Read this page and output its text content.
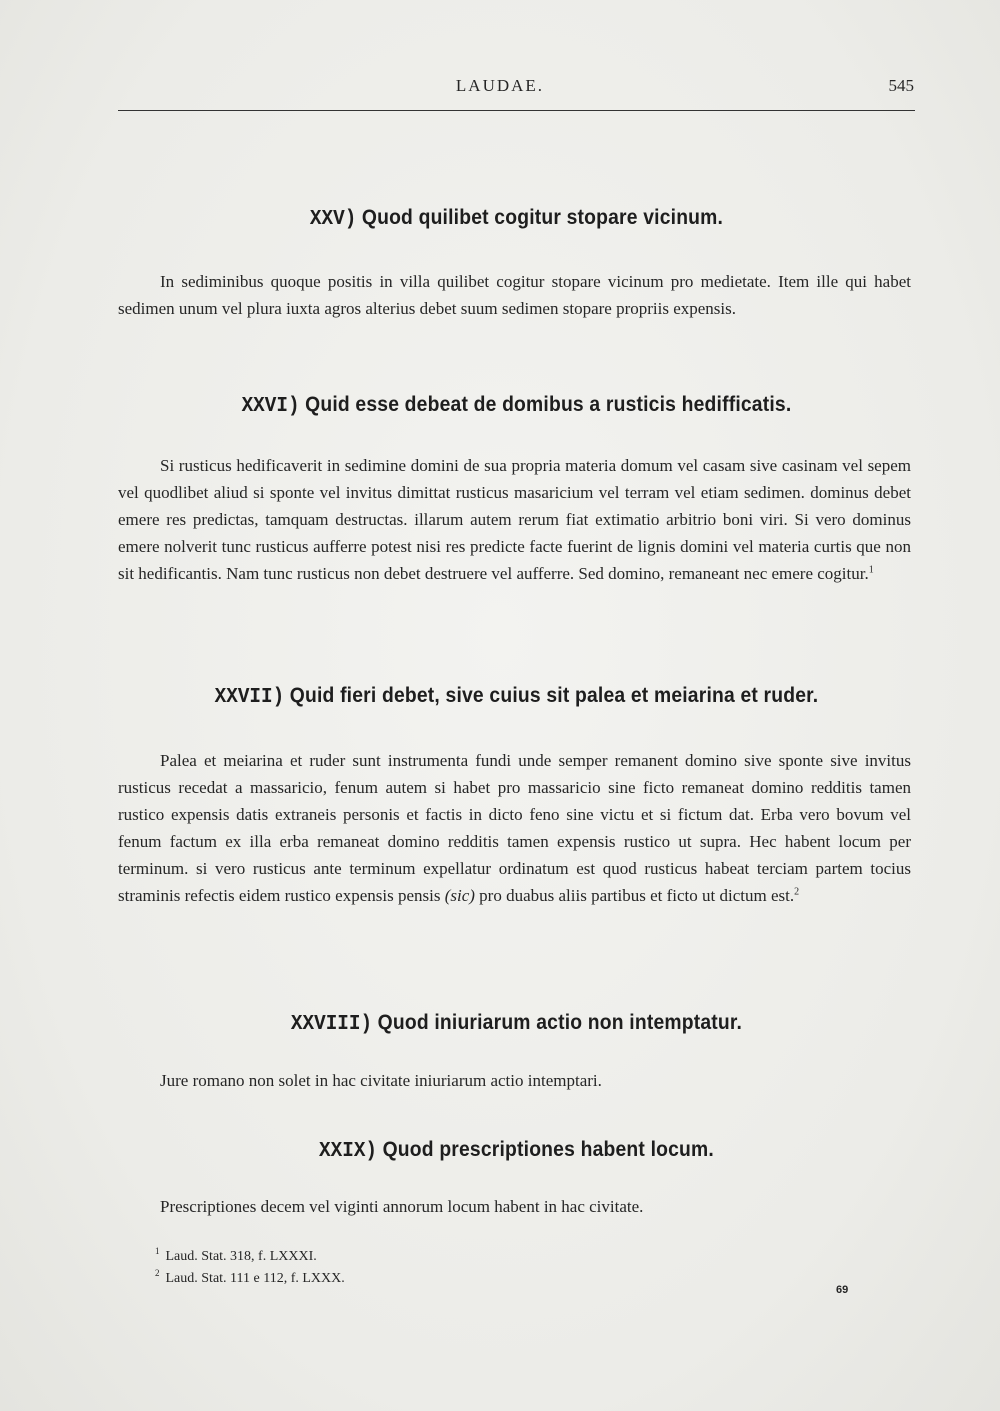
LAUDAE.	545
XXV) Quod quilibet cogitur stopare vicinum.

In sediminibus quoque positis in villa quilibet cogitur stopare vicinum pro medietate. Item ille qui habet sedimen unum vel plura iuxta agros alterius debet suum sedimen stopare propriis expensis.

XXVI) Quid esse debeat de domibus a rusticis hedifficatis.

Si rusticus hedificaverit in sedimine domini de sua propria materia domum vel casam sive casinam vel sepem vel quodlibet aliud si sponte vel invitus dimittat rusticus masaricium vel terram vel etiam sedimen. dominus debet emere res predictas, tamquam destructas. illarum autem rerum fiat extimatio arbitrio boni viri. Si vero dominus emere nolverit tunc rusticus aufferre potest nisi res predicte facte fuerint de lignis domini vel materia curtis que non sit hedificantis. Nam tunc rusticus non debet destruere vel aufferre. Sed domino, remaneant nec emere cogitur.$^1$

XXVII) Quid fieri debet, sive cuius sit palea et meiarina et ruder.

Palea et meiarina et ruder sunt instrumenta fundi unde semper remanent domino sive sponte sive invitus rusticus recedat a massaricio, fenum autem si habet pro massaricio sine ficto remaneat domino redditis tamen rustico expensis datis extraneis personis et factis in dicto feno sine victu et si fictum dat. Erba vero bovum vel fenum factum ex illa erba remaneat domino redditis tamen expensis rustico ut supra. Hec habent locum per terminum. si vero rusticus ante terminum expellatur ordinatum est quod rusticus habeat terciam partem tocius straminis refectis eidem rustico expensis pensis (sic) pro duabus aliis partibus et ficto ut dictum est.$^2$

XXVIII) Quod iniuriarum actio non intemptatur.

Jure romano non solet in hac civitate iniuriarum actio intemptari.

XXIX) Quod prescriptiones habent locum.

Prescriptiones decem vel viginti annorum locum habent in hac civitate.

$^1$ Laud. Stat. 318, f. LXXXI.
$^2$ Laud. Stat. 111 e 112, f. LXXX.
69
